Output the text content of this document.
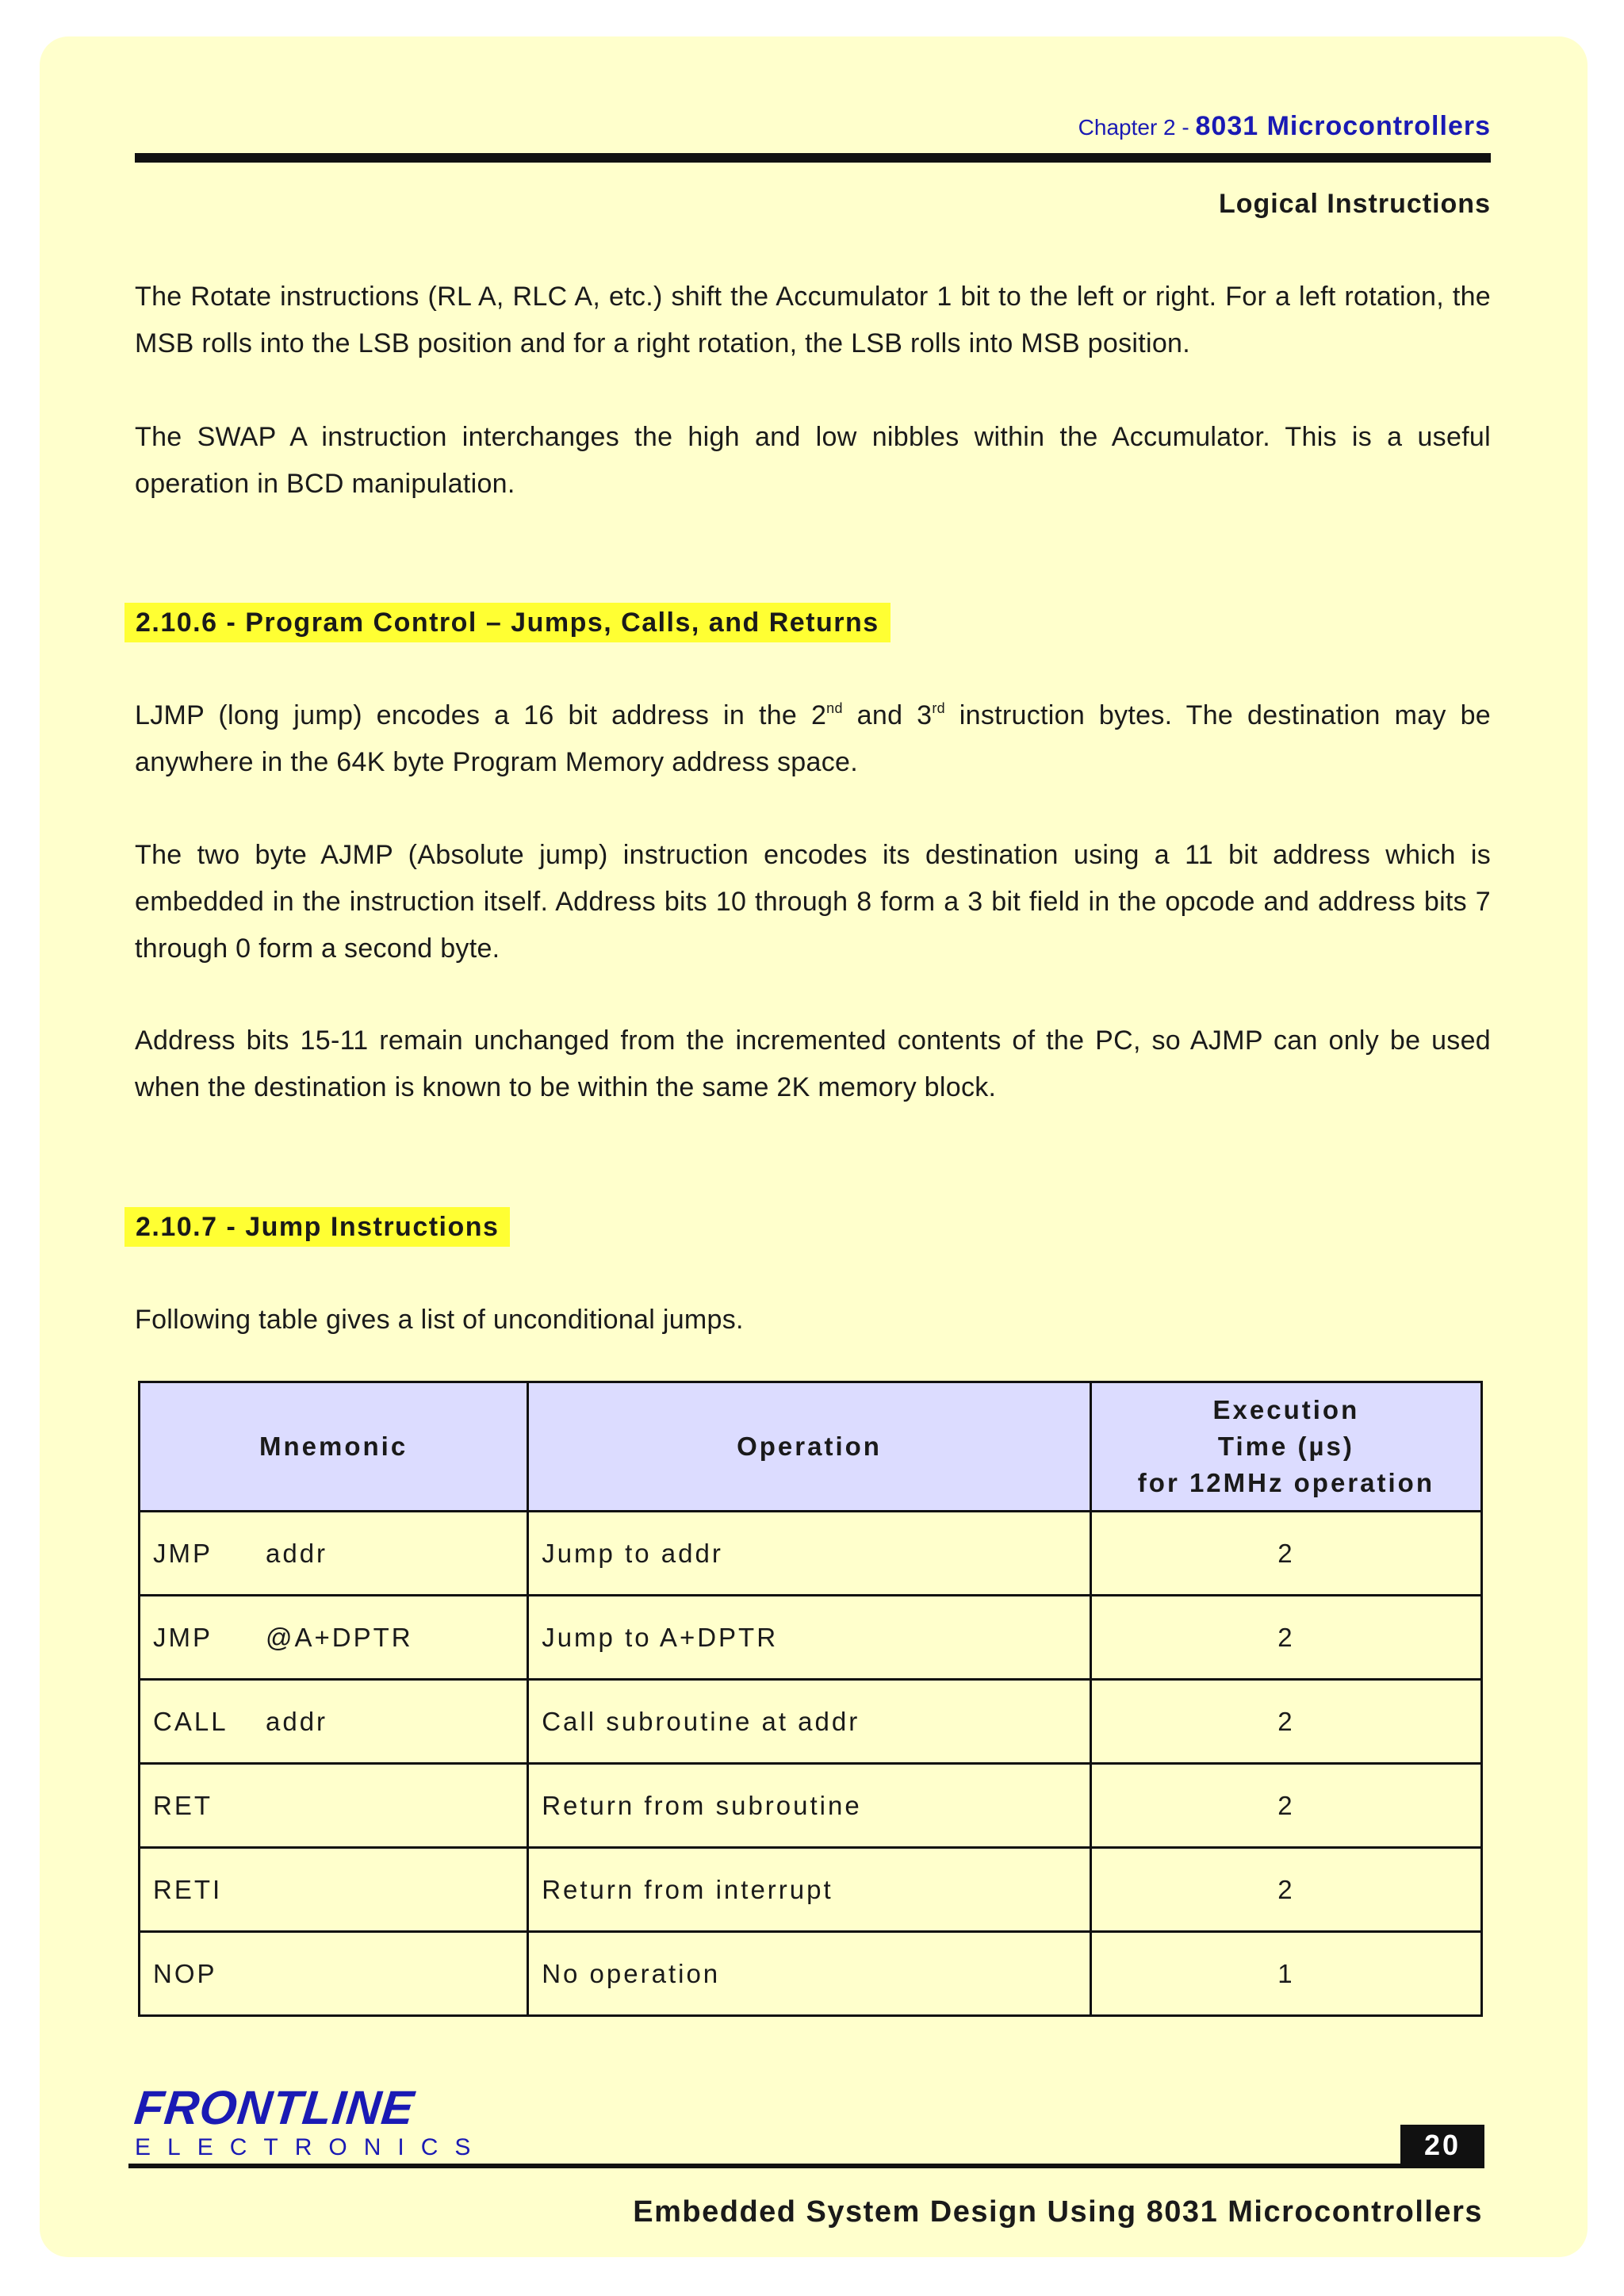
Chapter 2 - 8031 Microcontrollers
Logical Instructions
The Rotate instructions (RL A, RLC A, etc.) shift the Accumulator 1 bit to the left or right. For a left rotation, the MSB rolls into the LSB position and for a right rotation, the LSB rolls into MSB position.
The SWAP A instruction interchanges the high and low nibbles within the Accumulator. This is a useful operation in BCD manipulation.
2.10.6 - Program Control – Jumps, Calls, and Returns
LJMP (long jump) encodes a 16 bit address in the 2nd and 3rd instruction bytes. The destination may be anywhere in the 64K byte Program Memory address space.
The two byte AJMP (Absolute jump) instruction encodes its destination using a 11 bit address which is embedded in the instruction itself. Address bits 10 through 8 form a 3 bit field in the opcode and address bits 7 through 0 form a second byte.
Address bits 15-11 remain unchanged from the incremented contents of the PC, so AJMP can only be used when the destination is known to be within the same 2K memory block.
2.10.7 - Jump Instructions
Following table gives a list of unconditional jumps.
Mnemonic	Operation	Execution
Time (µs)
for 12MHz operation

JMP addr	Jump to addr	2
JMP @A+DPTR	Jump to A+DPTR	2
CALL addr	Call subroutine at addr	2
RET	Return from subroutine	2
RETI	Return from interrupt	2
NOP	No operation	1
FRONTLINE
ELECTRONICS	20
Embedded System Design Using 8031 Microcontrollers
